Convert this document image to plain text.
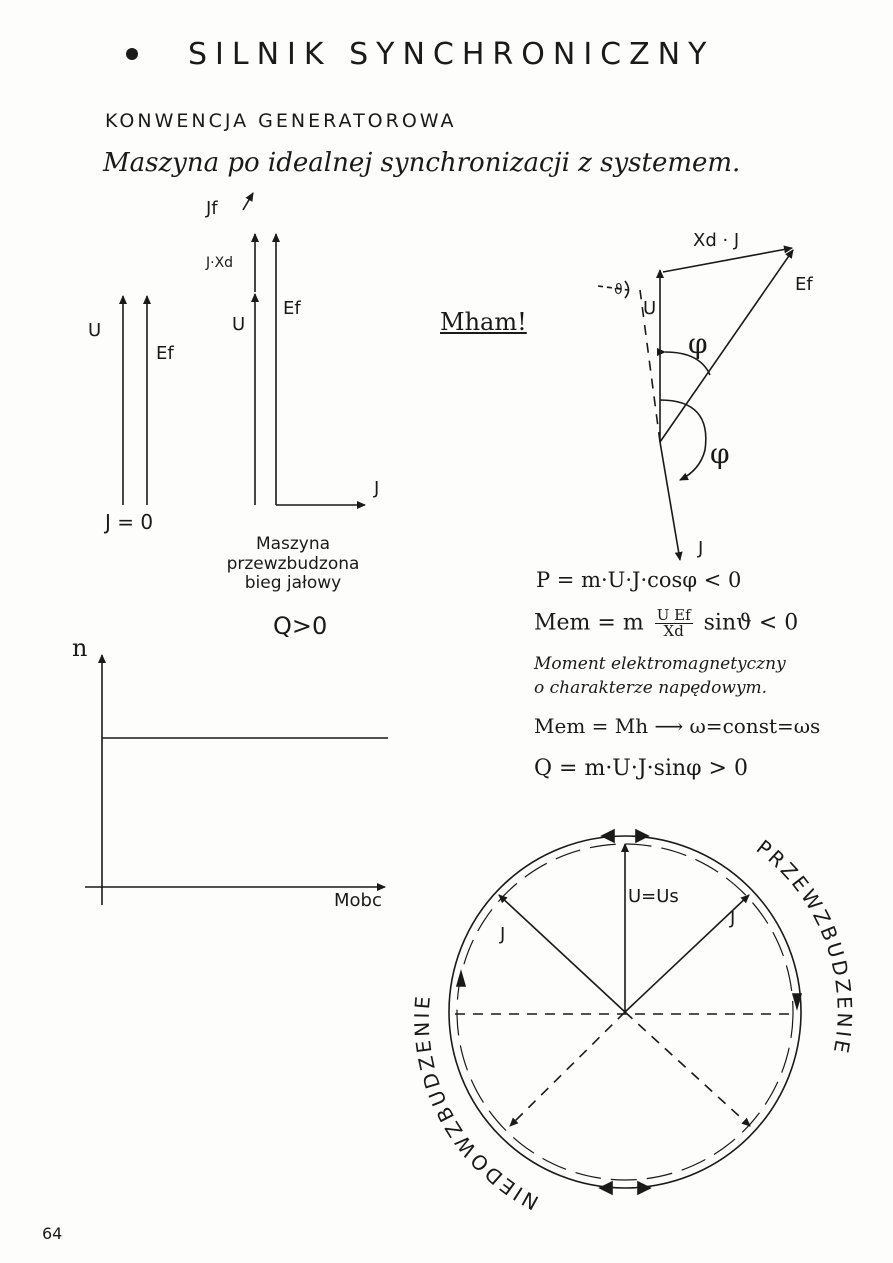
SILNIK SYNCHRONICZNY
KONWENCJA GENERATOROWA
Maszyna po idealnej synchronizacji z systemem.
PRZEWZBUDZENIE
NIEDOWZBUDZENIE
U
Ef
J = 0
Jf
J·Xd
U
Ef
J
Maszyna
przewzbudzona
bieg jałowy
Q>0
Mham!
Xd · J
Ef
U
ϑ
φ
φ
J
P = m·U·J·cosφ < 0
Mem = m $\frac{\text{U Ef}}{Xd}$ sinϑ < 0
Moment elektromagnetyczny
o charakterze napędowym.
Mem = Mh ⟶ ω=const=ωs
Q = m·U·J·sinφ > 0
n
Mobc	U=Us
J
J
64
